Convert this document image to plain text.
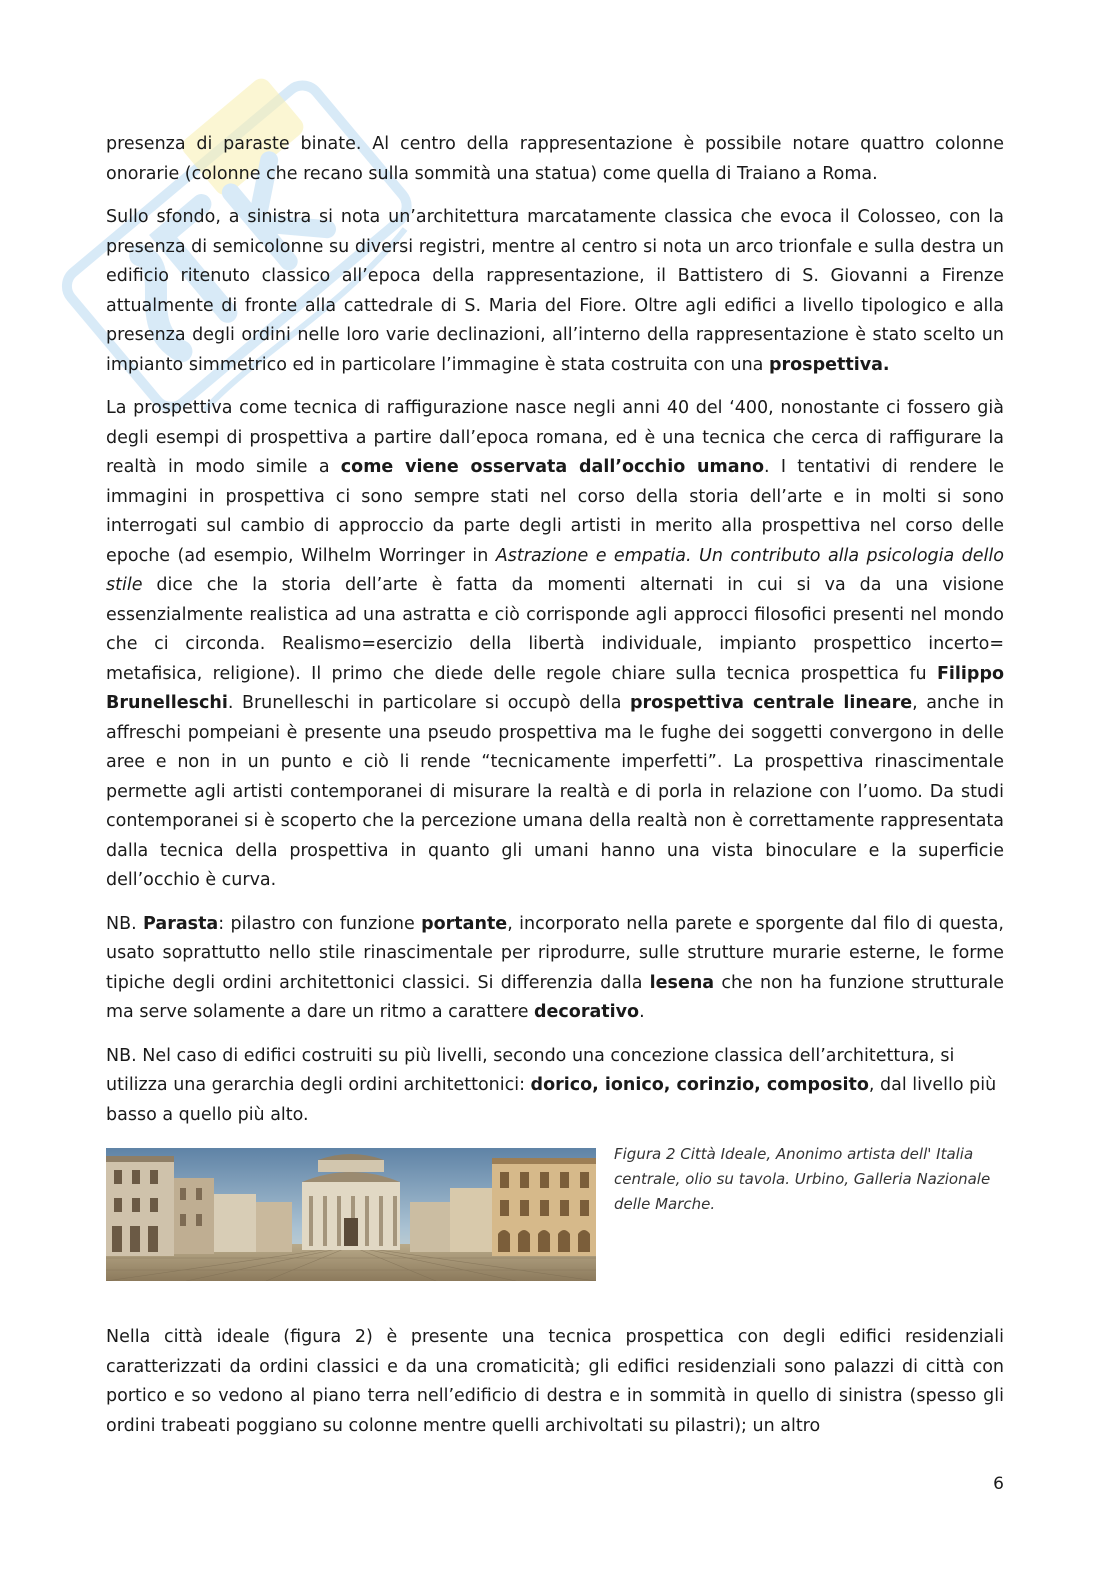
presenza di paraste binate. Al centro della rappresentazione è possibile notare quattro colonne onorarie (colonne che recano sulla sommità una statua) come quella di Traiano a Roma.

Sullo sfondo, a sinistra si nota un’architettura marcatamente classica che evoca il Colosseo, con la presenza di semicolonne su diversi registri, mentre al centro si nota un arco trionfale e sulla destra un edificio ritenuto classico all’epoca della rappresentazione, il Battistero di S. Giovanni a Firenze attualmente di fronte alla cattedrale di S. Maria del Fiore. Oltre agli edifici a livello tipologico e alla presenza degli ordini nelle loro varie declinazioni, all’interno della rappresentazione è stato scelto un impianto simmetrico ed in particolare l’immagine è stata costruita con una prospettiva.

La prospettiva come tecnica di raffigurazione nasce negli anni 40 del ‘400, nonostante ci fossero già degli esempi di prospettiva a partire dall’epoca romana, ed è una tecnica che cerca di raffigurare la realtà in modo simile a come viene osservata dall’occhio umano. I tentativi di rendere le immagini in prospettiva ci sono sempre stati nel corso della storia dell’arte e in molti si sono interrogati sul cambio di approccio da parte degli artisti in merito alla prospettiva nel corso delle epoche (ad esempio, Wilhelm Worringer in Astrazione e empatia. Un contributo alla psicologia dello stile dice che la storia dell’arte è fatta da momenti alternati in cui si va da una visione essenzialmente realistica ad una astratta e ciò corrisponde agli approcci filosofici presenti nel mondo che ci circonda. Realismo=esercizio della libertà individuale, impianto prospettico incerto= metafisica, religione). Il primo che diede delle regole chiare sulla tecnica prospettica fu Filippo Brunelleschi. Brunelleschi in particolare si occupò della prospettiva centrale lineare, anche in affreschi pompeiani è presente una pseudo prospettiva ma le fughe dei soggetti convergono in delle aree e non in un punto e ciò li rende “tecnicamente imperfetti”. La prospettiva rinascimentale permette agli artisti contemporanei di misurare la realtà e di porla in relazione con l’uomo. Da studi contemporanei si è scoperto che la percezione umana della realtà non è correttamente rappresentata dalla tecnica della prospettiva in quanto gli umani hanno una vista binoculare e la superficie dell’occhio è curva.

NB. Parasta: pilastro con funzione portante, incorporato nella parete e sporgente dal filo di questa, usato soprattutto nello stile rinascimentale per riprodurre, sulle strutture murarie esterne, le forme tipiche degli ordini architettonici classici. Si differenzia dalla lesena che non ha funzione strutturale ma serve solamente a dare un ritmo a carattere decorativo.

NB. Nel caso di edifici costruiti su più livelli, secondo una concezione classica dell’architettura, si utilizza una gerarchia degli ordini architettonici: dorico, ionico, corinzio, composito, dal livello più basso a quello più alto.

Figura 2 Città Ideale, Anonimo artista dell' Italia centrale, olio su tavola. Urbino, Galleria Nazionale delle Marche.

Nella città ideale (figura 2) è presente una tecnica prospettica con degli edifici residenziali caratterizzati da ordini classici e da una cromaticità; gli edifici residenziali sono palazzi di città con portico e so vedono al piano terra nell’edificio di destra e in sommità in quello di sinistra (spesso gli ordini trabeati poggiano su colonne mentre quelli archivoltati su pilastri); un altro

6
